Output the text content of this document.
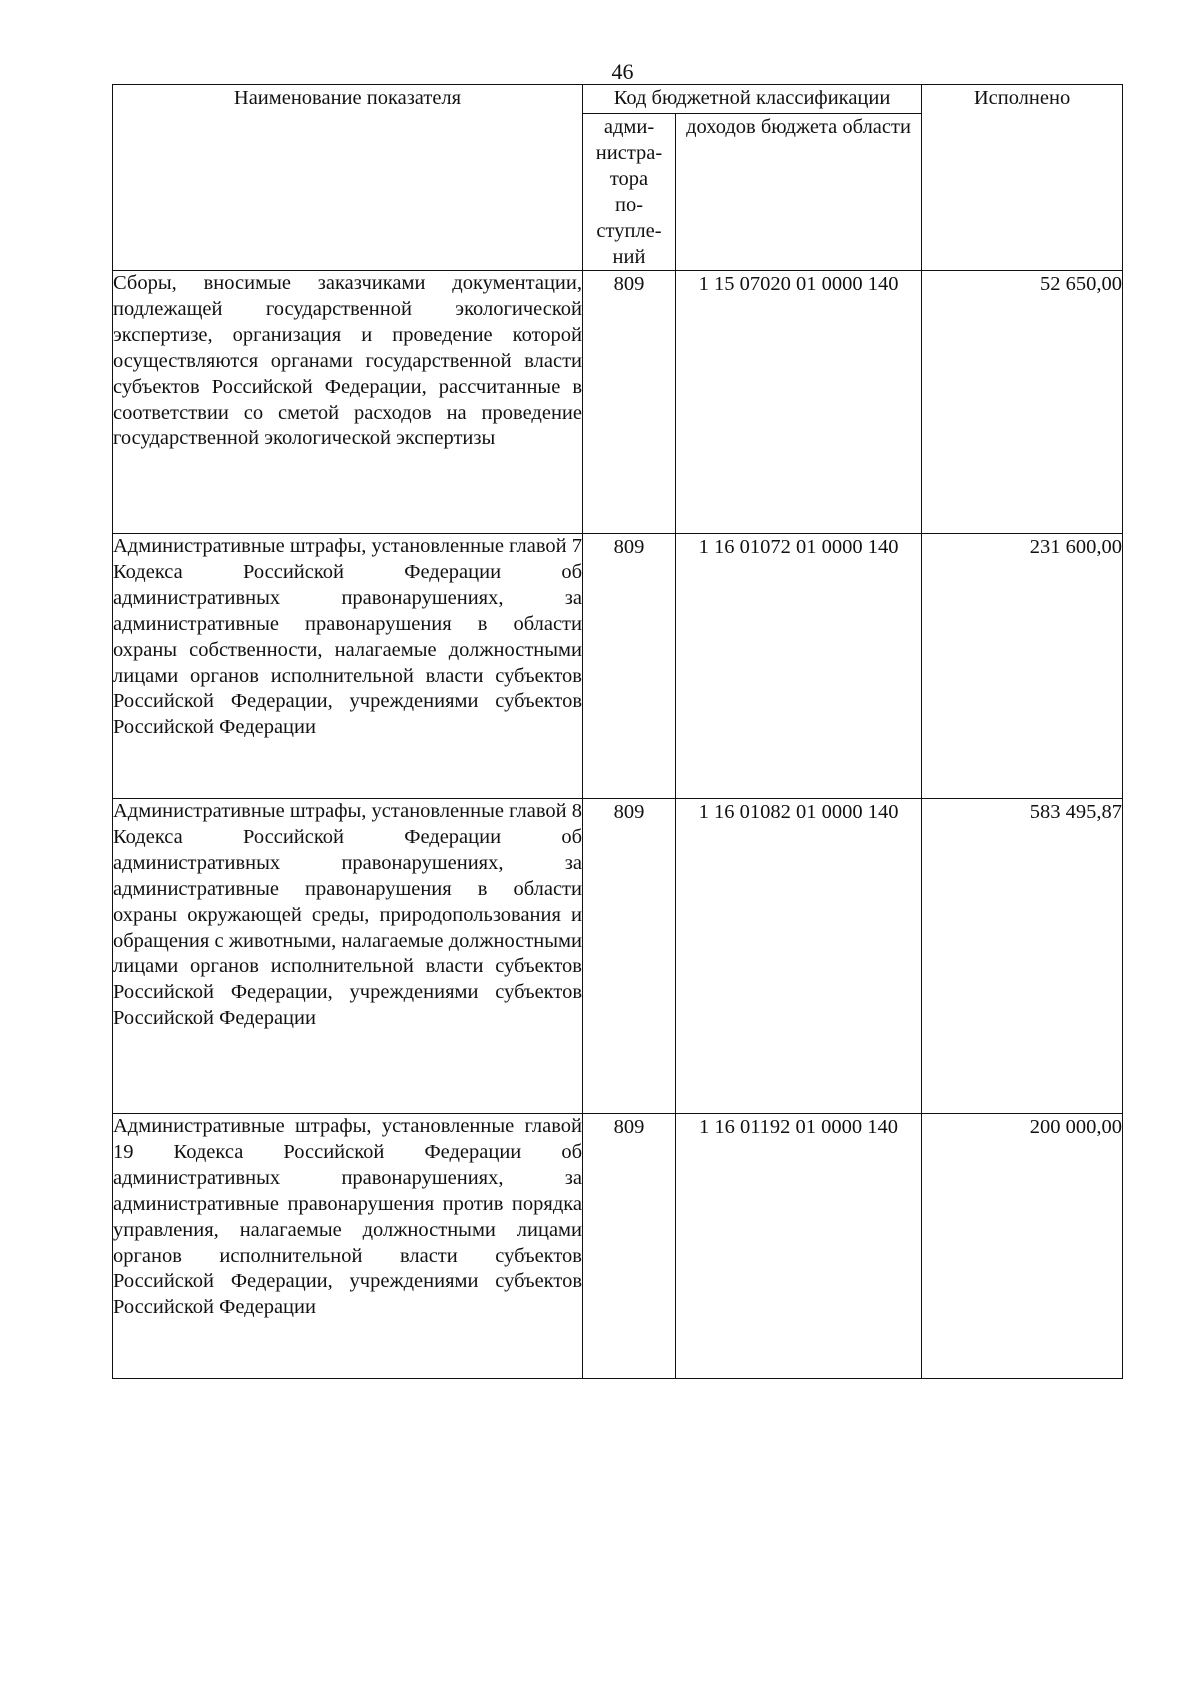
46
Наименование показателя	Код бюджетной классификации		Исполнено

	адми-нистра-тора по-ступле-ний	доходов бюджета области	
Сборы, вносимые заказчиками документации, подлежащей государственной экологической экспертизе, организация и проведение которой осуществляются органами государственной власти субъектов Российской Федерации, рассчитанные в соответствии со сметой расходов на проведение государственной экологической экспертизы	809	1 15 07020 01 0000 140	52 650,00
Административные штрафы, установленные главой 7 Кодекса Российской Федерации об административных правонарушениях, за административные правонарушения в области охраны собственности, налагаемые должностными лицами органов исполнительной власти субъектов Российской Федерации, учреждениями субъектов Российской Федерации	809	1 16 01072 01 0000 140	231 600,00
Административные штрафы, установленные главой 8 Кодекса Российской Федерации об административных правонарушениях, за административные правонарушения в области охраны окружающей среды, природопользования и обращения с животными, налагаемые должностными лицами органов исполнительной власти субъектов Российской Федерации, учреждениями субъектов Российской Федерации	809	1 16 01082 01 0000 140	583 495,87
Административные штрафы, установленные главой 19 Кодекса Российской Федерации об административных правонарушениях, за административные правонарушения против порядка управления, налагаемые должностными лицами органов исполнительной власти субъектов Российской Федерации, учреждениями субъектов Российской Федерации	809	1 16 01192 01 0000 140	200 000,00
